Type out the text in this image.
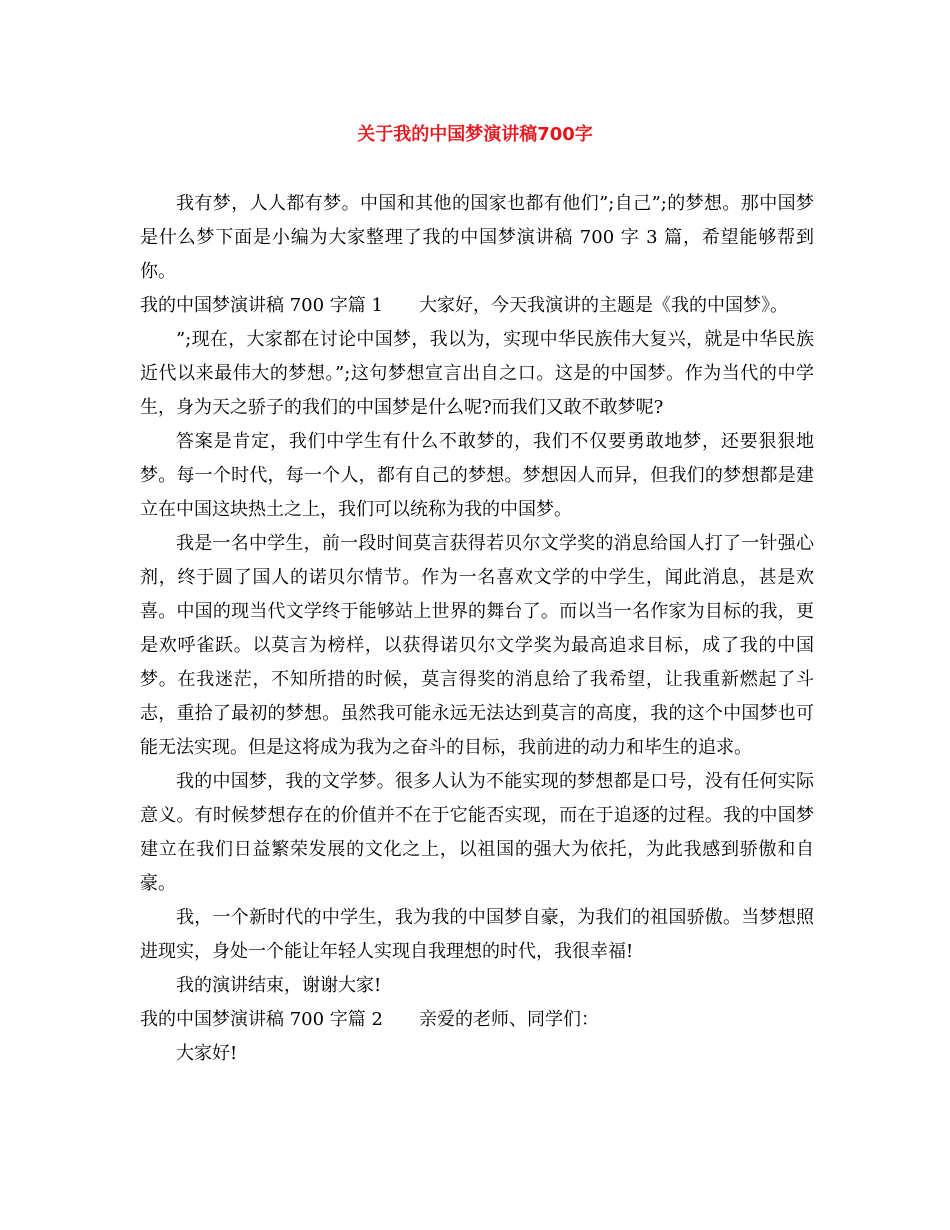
关于我的中国梦演讲稿700字

我有梦，人人都有梦。中国和其他的国家也都有他们”;自己”;的梦想。那中国梦是什么梦下面是小编为大家整理了我的中国梦演讲稿 700 字 3 篇，希望能够帮到你。

我的中国梦演讲稿 700 字篇 1 大家好，今天我演讲的主题是《我的中国梦》。

”;现在，大家都在讨论中国梦，我以为，实现中华民族伟大复兴，就是中华民族近代以来最伟大的梦想。”;这句梦想宣言出自之口。这是的中国梦。作为当代的中学生，身为天之骄子的我们的中国梦是什么呢?而我们又敢不敢梦呢?

答案是肯定，我们中学生有什么不敢梦的，我们不仅要勇敢地梦，还要狠狠地梦。每一个时代，每一个人，都有自己的梦想。梦想因人而异，但我们的梦想都是建立在中国这块热土之上，我们可以统称为我的中国梦。

我是一名中学生，前一段时间莫言获得若贝尔文学奖的消息给国人打了一针强心剂，终于圆了国人的诺贝尔情节。作为一名喜欢文学的中学生，闻此消息，甚是欢喜。中国的现当代文学终于能够站上世界的舞台了。而以当一名作家为目标的我，更是欢呼雀跃。以莫言为榜样，以获得诺贝尔文学奖为最高追求目标，成了我的中国梦。在我迷茫，不知所措的时候，莫言得奖的消息给了我希望，让我重新燃起了斗志，重拾了最初的梦想。虽然我可能永远无法达到莫言的高度，我的这个中国梦也可能无法实现。但是这将成为我为之奋斗的目标，我前进的动力和毕生的追求。

我的中国梦，我的文学梦。很多人认为不能实现的梦想都是口号，没有任何实际意义。有时候梦想存在的价值并不在于它能否实现，而在于追逐的过程。我的中国梦建立在我们日益繁荣发展的文化之上，以祖国的强大为依托，为此我感到骄傲和自豪。

我，一个新时代的中学生，我为我的中国梦自豪，为我们的祖国骄傲。当梦想照进现实，身处一个能让年轻人实现自我理想的时代，我很幸福!

我的演讲结束，谢谢大家!

我的中国梦演讲稿 700 字篇 2 亲爱的老师、同学们：

大家好!
